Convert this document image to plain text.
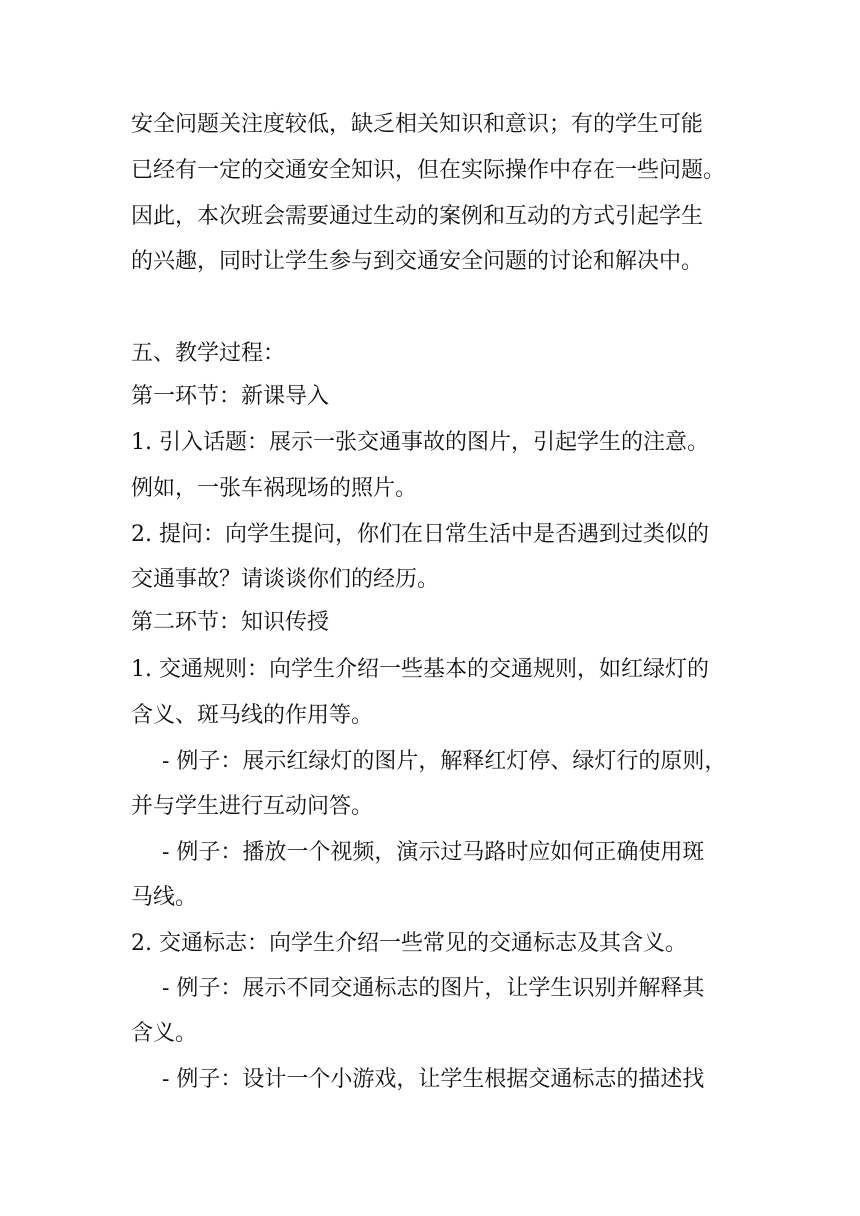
安全问题关注度较低，缺乏相关知识和意识；有的学生可能
已经有一定的交通安全知识，但在实际操作中存在一些问题。
因此，本次班会需要通过生动的案例和互动的方式引起学生
的兴趣，同时让学生参与到交通安全问题的讨论和解决中。
五、教学过程：
第一环节：新课导入
1. 引入话题：展示一张交通事故的图片，引起学生的注意。
例如，一张车祸现场的照片。
2. 提问：向学生提问，你们在日常生活中是否遇到过类似的
交通事故？请谈谈你们的经历。
第二环节：知识传授
1. 交通规则：向学生介绍一些基本的交通规则，如红绿灯的
含义、斑马线的作用等。
- 例子：展示红绿灯的图片，解释红灯停、绿灯行的原则，
并与学生进行互动问答。
- 例子：播放一个视频，演示过马路时应如何正确使用斑
马线。
2. 交通标志：向学生介绍一些常见的交通标志及其含义。
- 例子：展示不同交通标志的图片，让学生识别并解释其
含义。
- 例子：设计一个小游戏，让学生根据交通标志的描述找
